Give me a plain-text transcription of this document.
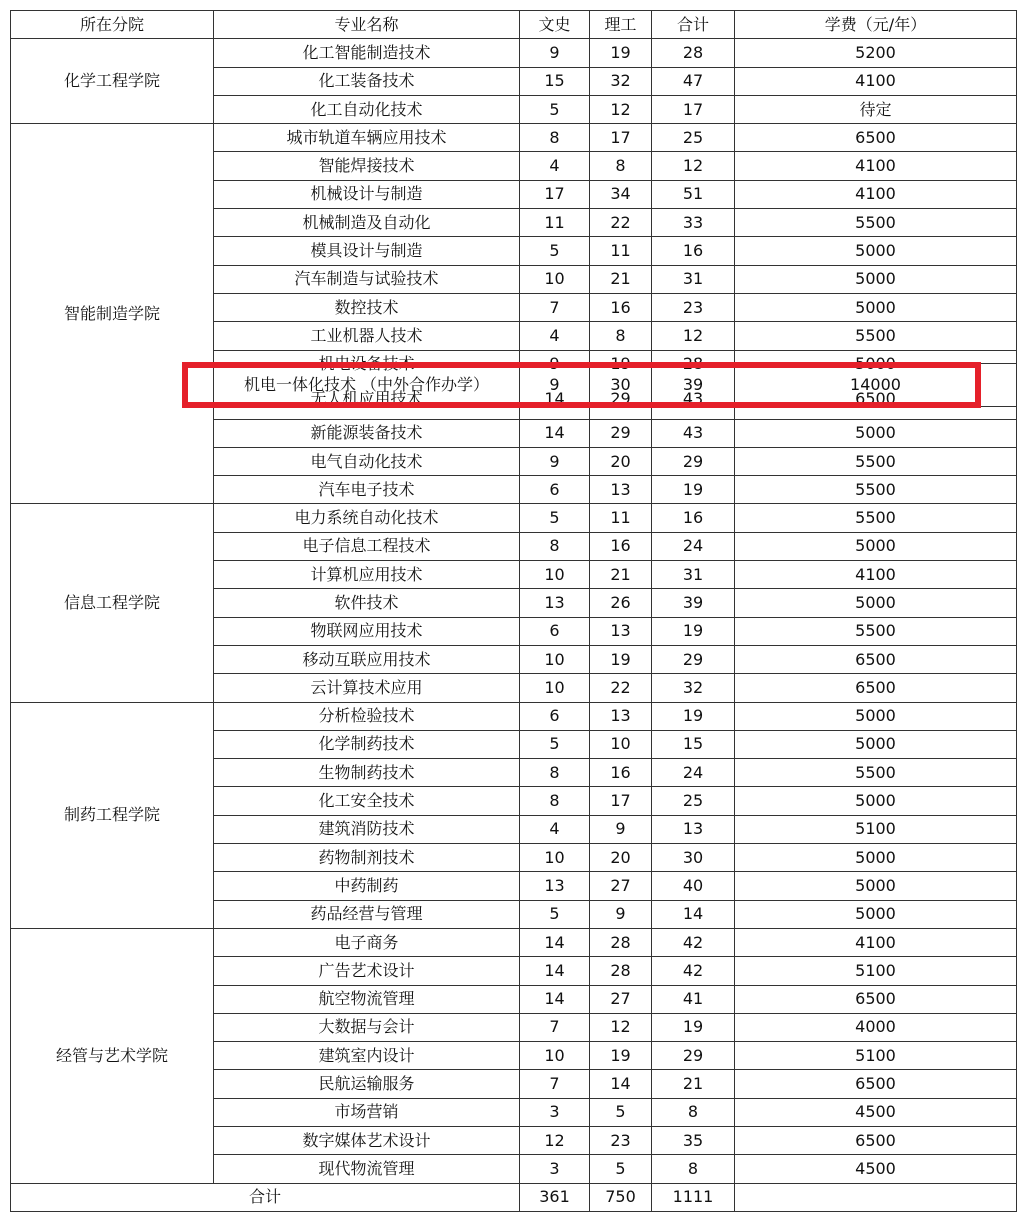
所在分院	专业名称	文史	理工	合计	学费（元/年）
化学工程学院	化工智能制造技术	9	19	28	5200
	化工装备技术	15	32	47	4100
	化工自动化技术	5	12	17	待定
智能制造学院	城市轨道车辆应用技术	8	17	25	6500
	智能焊接技术	4	8	12	4100
	机械设计与制造	17	34	51	4100
	机械制造及自动化	11	22	33	5500
	模具设计与制造	5	11	16	5000
	汽车制造与试验技术	10	21	31	5000
	数控技术	7	16	23	5000
	工业机器人技术	4	8	12	5500

	机电设备技术	9	19	28	5000

	机电一体化技术 （中外合作办学）	9	30	39	14000

	无人机应用技术	14	29	43	6500

	新能源装备技术	14	29	43	5000
	电气自动化技术	9	20	29	5500
	汽车电子技术	6	13	19	5500
信息工程学院	电力系统自动化技术	5	11	16	5500
	电子信息工程技术	8	16	24	5000
	计算机应用技术	10	21	31	4100
	软件技术	13	26	39	5000
	物联网应用技术	6	13	19	5500
	移动互联应用技术	10	19	29	6500
	云计算技术应用	10	22	32	6500
制药工程学院	分析检验技术	6	13	19	5000
	化学制药技术	5	10	15	5000
	生物制药技术	8	16	24	5500
	化工安全技术	8	17	25	5000
	建筑消防技术	4	9	13	5100
	药物制剂技术	10	20	30	5000
	中药制药	13	27	40	5000
	药品经营与管理	5	9	14	5000
经管与艺术学院	电子商务	14	28	42	4100
	广告艺术设计	14	28	42	5100
	航空物流管理	14	27	41	6500
	大数据与会计	7	12	19	4000
	建筑室内设计	10	19	29	5100
	民航运输服务	7	14	21	6500
	市场营销	3	5	8	4500
	数字媒体艺术设计	12	23	35	6500
	现代物流管理	3	5	8	4500
合计		361	750	1111	
